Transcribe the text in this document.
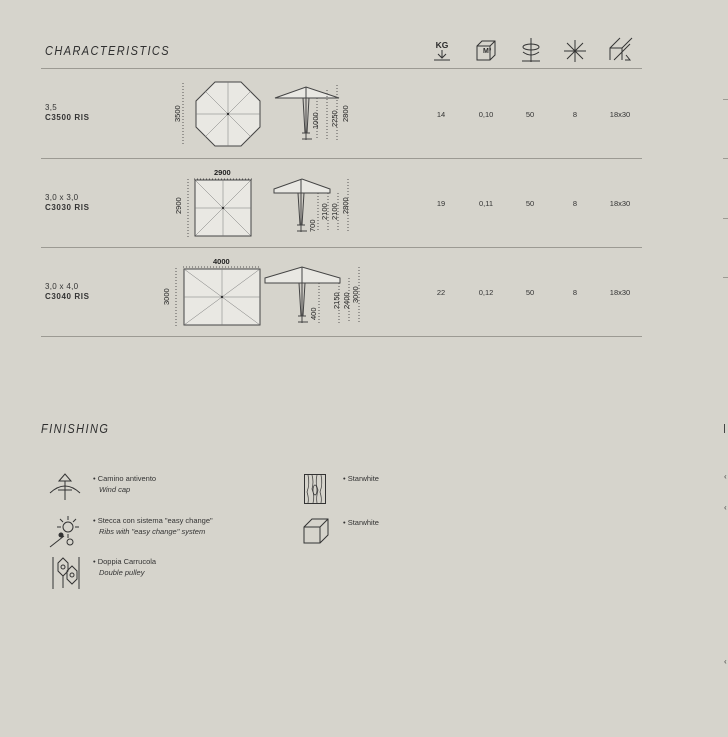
CHARACTERISTICS	KG
M³
3,5
C3500 RIS	3500	1000 2250 2800	14	0,10	50	8	18x30
3,0 x 3,0
C3030 RIS
2900
2900
700
2100 2100 2800	19	0,11	50	8	18x30
3,0 x 4,0
C3040 RIS
4000
3000
400
2150 2400 3000	22	0,12	50	8	18x30
FINISHING
• Camino antivento
Wind cap
• Stecca con sistema "easy change"
Ribs with "easy change" system
• Doppia Carrucola
Double pulley
• Starwhite
• Starwhite
‹
‹
‹
